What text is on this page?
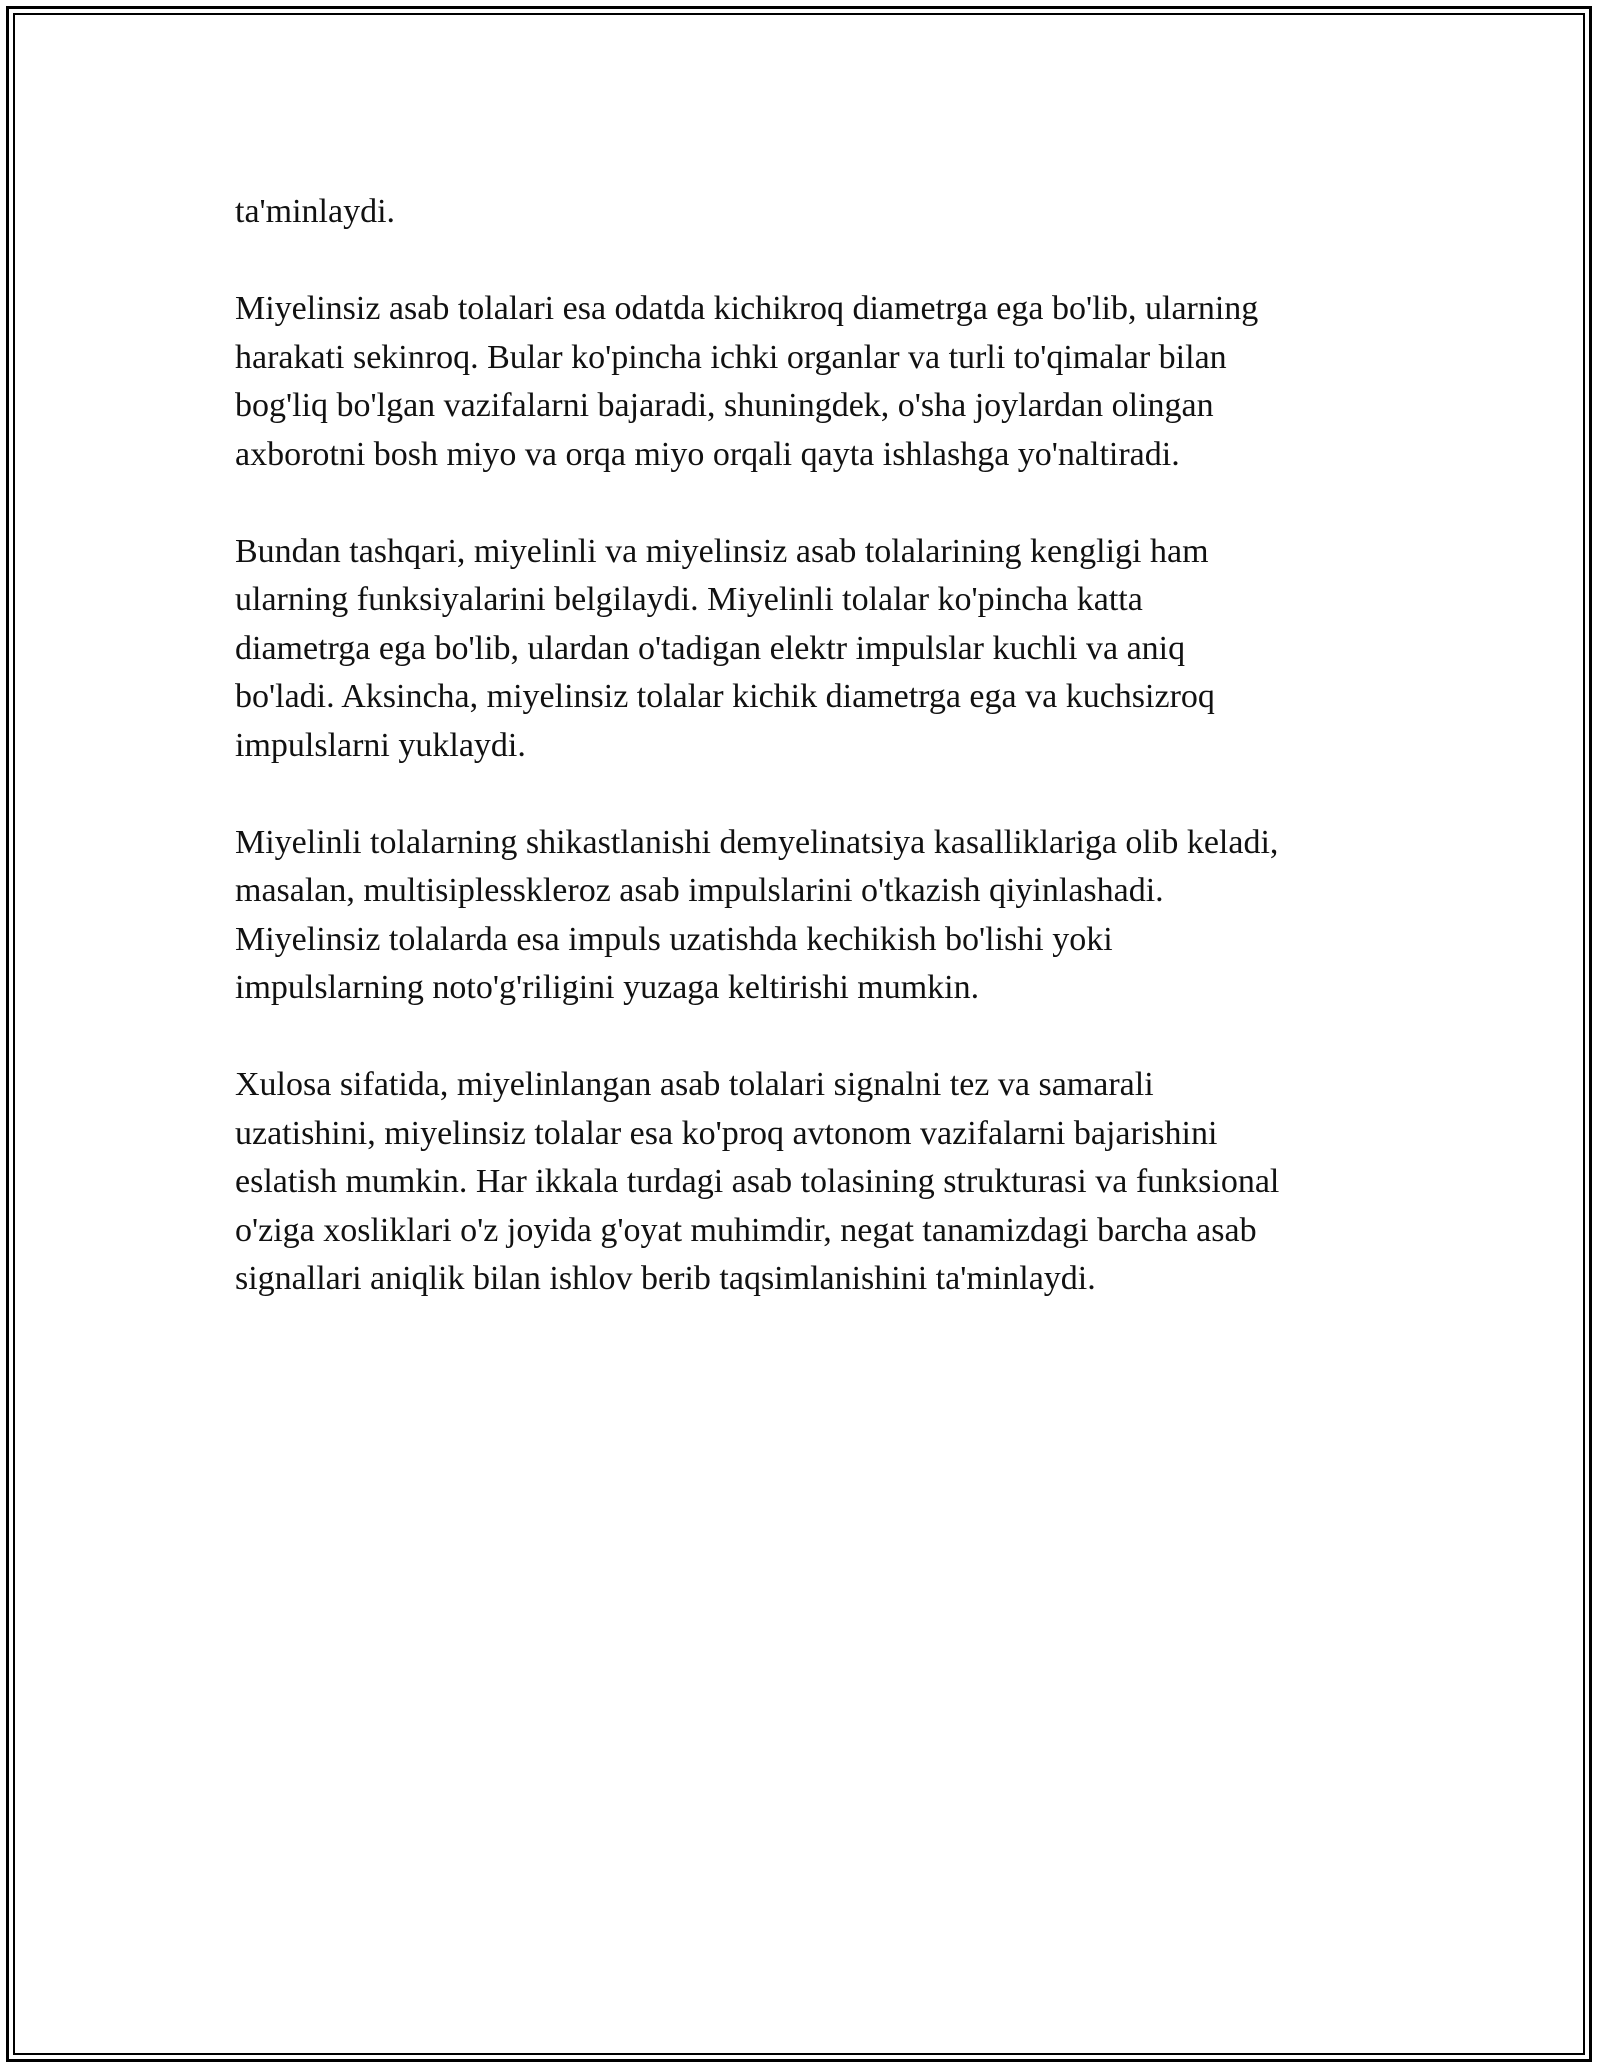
ta'minlaydi.

Miyelinsiz asab tolalari esa odatda kichikroq diametrga ega bo'lib, ularning
harakati sekinroq. Bular ko'pincha ichki organlar va turli to'qimalar bilan
bog'liq bo'lgan vazifalarni bajaradi, shuningdek, o'sha joylardan olingan
axborotni bosh miyo va orqa miyo orqali qayta ishlashga yo'naltiradi.

Bundan tashqari, miyelinli va miyelinsiz asab tolalarining kengligi ham
ularning funksiyalarini belgilaydi. Miyelinli tolalar ko'pincha katta
diametrga ega bo'lib, ulardan o'tadigan elektr impulslar kuchli va aniq
bo'ladi. Aksincha, miyelinsiz tolalar kichik diametrga ega va kuchsizroq
impulslarni yuklaydi.

Miyelinli tolalarning shikastlanishi demyelinatsiya kasalliklariga olib keladi,
masalan, multisiplesskleroz asab impulslarini o'tkazish qiyinlashadi.
Miyelinsiz tolalarda esa impuls uzatishda kechikish bo'lishi yoki
impulslarning noto'g'riligini yuzaga keltirishi mumkin.

Xulosa sifatida, miyelinlangan asab tolalari signalni tez va samarali
uzatishini, miyelinsiz tolalar esa ko'proq avtonom vazifalarni bajarishini
eslatish mumkin. Har ikkala turdagi asab tolasining strukturasi va funksional
o'ziga xosliklari o'z joyida g'oyat muhimdir, negat tanamizdagi barcha asab
signallari aniqlik bilan ishlov berib taqsimlanishini ta'minlaydi.
